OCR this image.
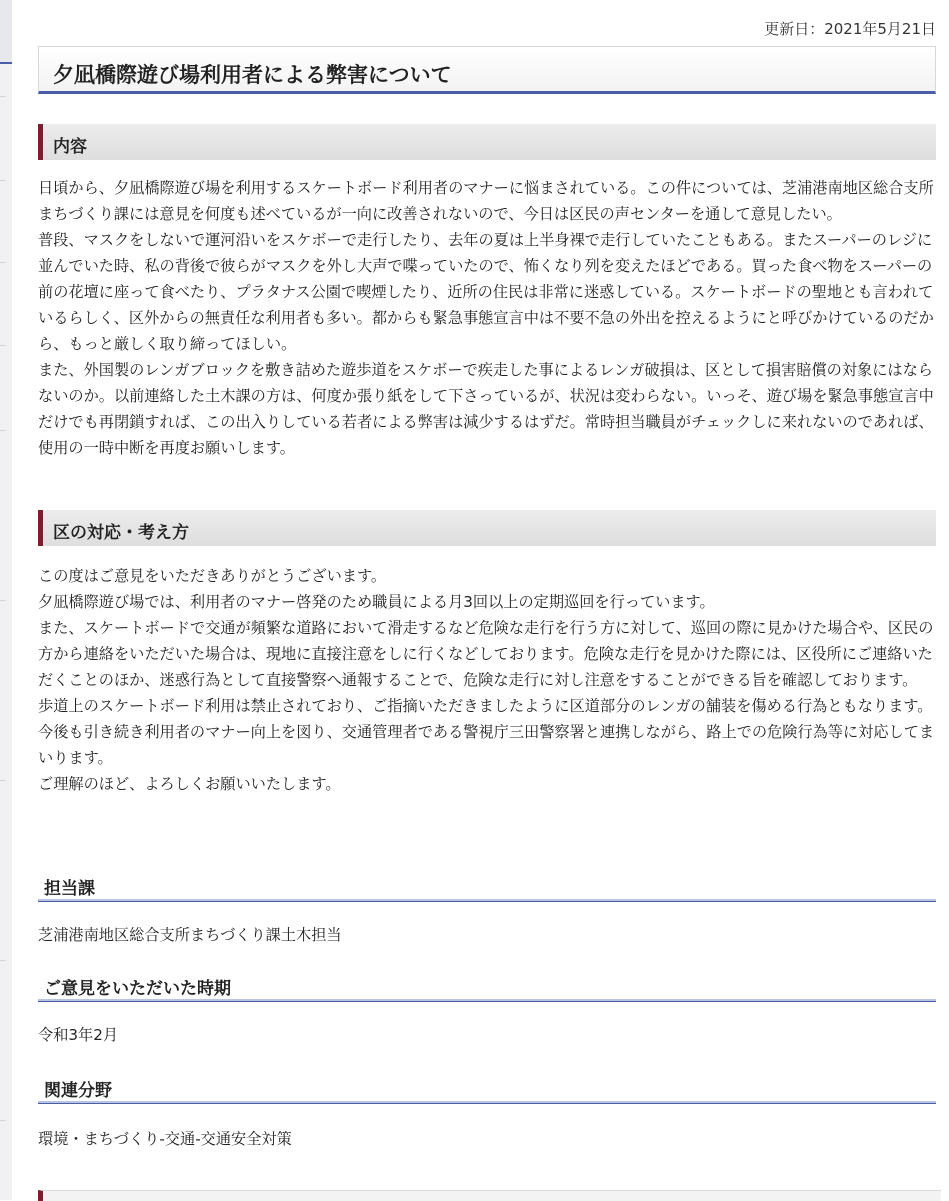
更新日：2021年5月21日
夕凪橋際遊び場利用者による弊害について
内容

日頃から、夕凪橋際遊び場を利用するスケートボード利用者のマナーに悩まされている。この件については、芝浦港南地区総合支所まちづくり課には意見を何度も述べているが一向に改善されないので、今日は区民の声センターを通して意見したい。

普段、マスクをしないで運河沿いをスケボーで走行したり、去年の夏は上半身裸で走行していたこともある。またスーパーのレジに並んでいた時、私の背後で彼らがマスクを外し大声で喋っていたので、怖くなり列を変えたほどである。買った食べ物をスーパーの前の花壇に座って食べたり、プラタナス公園で喫煙したり、近所の住民は非常に迷惑している。スケートボードの聖地とも言われているらしく、区外からの無責任な利用者も多い。都からも緊急事態宣言中は不要不急の外出を控えるようにと呼びかけているのだから、もっと厳しく取り締ってほしい。

また、外国製のレンガブロックを敷き詰めた遊歩道をスケボーで疾走した事によるレンガ破損は、区として損害賠償の対象にはならないのか。以前連絡した土木課の方は、何度か張り紙をして下さっているが、状況は変わらない。いっそ、遊び場を緊急事態宣言中だけでも再閉鎖すれば、この出入りしている若者による弊害は減少するはずだ。常時担当職員がチェックしに来れないのであれば、使用の一時中断を再度お願いします。

区の対応・考え方

この度はご意見をいただきありがとうございます。

夕凪橋際遊び場では、利用者のマナー啓発のため職員による月3回以上の定期巡回を行っています。

また、スケートボードで交通が頻繁な道路において滑走するなど危険な走行を行う方に対して、巡回の際に見かけた場合や、区民の方から連絡をいただいた場合は、現地に直接注意をしに行くなどしております。危険な走行を見かけた際には、区役所にご連絡いただくことのほか、迷惑行為として直接警察へ通報することで、危険な走行に対し注意をすることができる旨を確認しております。

歩道上のスケートボード利用は禁止されており、ご指摘いただきましたように区道部分のレンガの舗装を傷める行為ともなります。

今後も引き続き利用者のマナー向上を図り、交通管理者である警視庁三田警察署と連携しながら、路上での危険行為等に対応してまいります。

ご理解のほど、よろしくお願いいたします。

担当課
芝浦港南地区総合支所まちづくり課土木担当
ご意見をいただいた時期
令和3年2月
関連分野
環境・まちづくり-交通-交通安全対策
